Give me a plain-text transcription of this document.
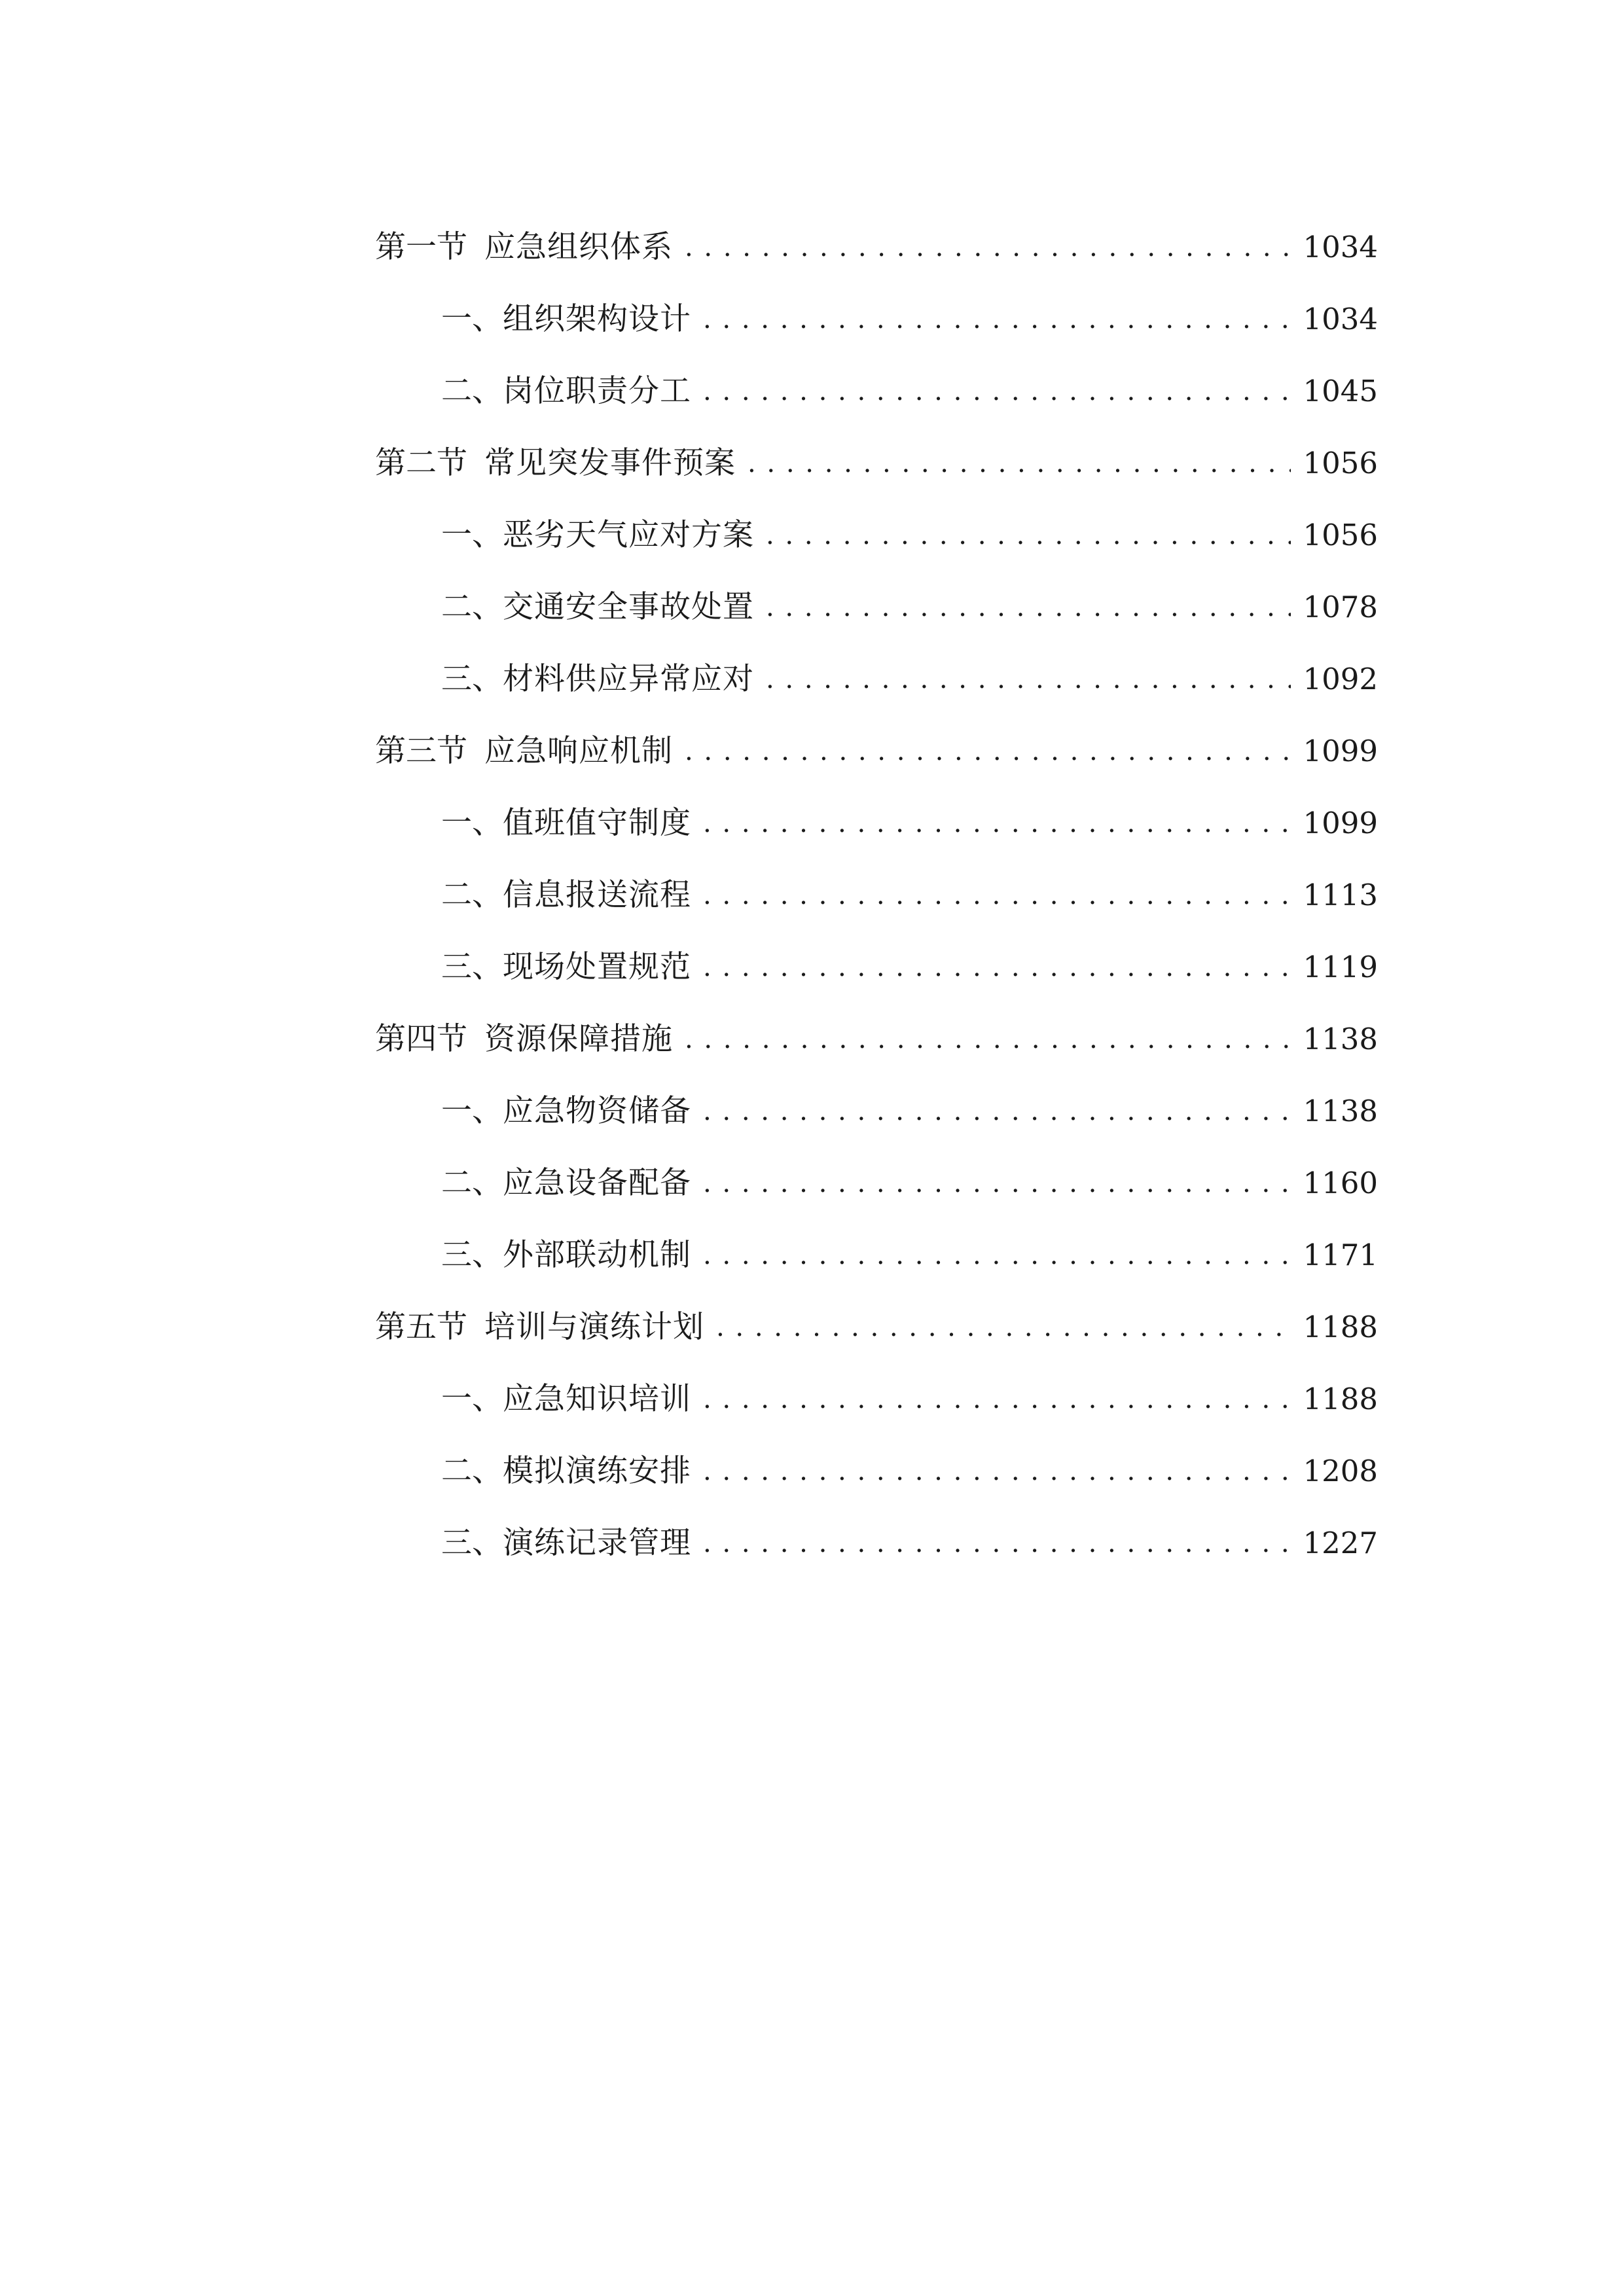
第一节 应急组织体系 . . .	1034
一、 组织架构设计 . . .	1034
二、 岗位职责分工 . . .	1045
第二节 常见突发事件预案 . . .	1056
一、 恶劣天气应对方案 . . .	1056
二、 交通安全事故处置 . . .	1078
三、 材料供应异常应对 . . .	1092
第三节 应急响应机制 . . .	1099
一、 值班值守制度 . . .	1099
二、 信息报送流程 . . .	1113
三、 现场处置规范 . . .	1119
第四节 资源保障措施 . . .	1138
一、 应急物资储备 . . .	1138
二、 应急设备配备 . . .	1160
三、 外部联动机制 . . .	1171
第五节 培训与演练计划 . . .	1188
一、 应急知识培训 . . .	1188
二、 模拟演练安排 . . .	1208
三、 演练记录管理 . . .	1227
